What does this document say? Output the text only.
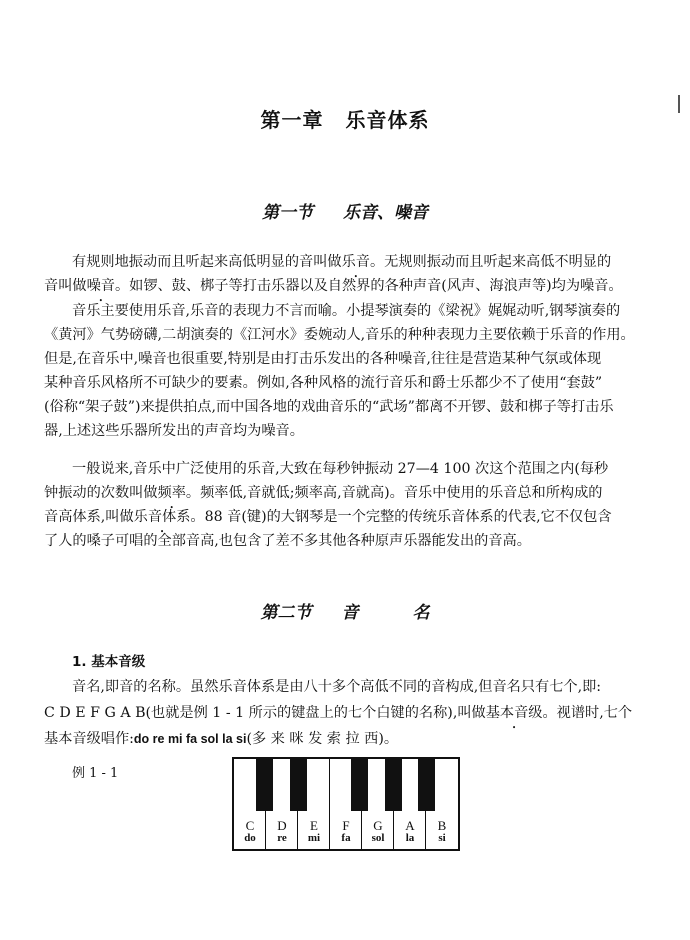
第一章 乐音体系
第一节 乐音、噪音
有规则地振动而且听起来高低明显的音叫做乐音。无规则振动而且听起来高低不明显的
音叫做噪音。如锣、鼓、梆子等打击乐器以及自然界的各种声音(风声、海浪声等)均为噪音。
音乐主要使用乐音,乐音的表现力不言而喻。小提琴演奏的《梁祝》娓娓动听,钢琴演奏的
《黄河》气势磅礴,二胡演奏的《江河水》委婉动人,音乐的种种表现力主要依赖于乐音的作用。
但是,在音乐中,噪音也很重要,特别是由打击乐发出的各种噪音,往往是营造某种气氛或体现
某种音乐风格所不可缺少的要素。例如,各种风格的流行音乐和爵士乐都少不了使用“套鼓”
(俗称“架子鼓”)来提供拍点,而中国各地的戏曲音乐的“武场”都离不开锣、鼓和梆子等打击乐
器,上述这些乐器所发出的声音均为噪音。
一般说来,音乐中广泛使用的乐音,大致在每秒钟振动 27—4 100 次这个范围之内(每秒
钟振动的次数叫做频率。频率低,音就低;频率高,音就高)。音乐中使用的乐音总和所构成的
音高体系,叫做乐音体系。88 音(键)的大钢琴是一个完整的传统乐音体系的代表,它不仅包含
了人的嗓子可唱的全部音高,也包含了差不多其他各种原声乐器能发出的音高。
第二节 音	名
1. 基本音级
音名,即音的名称。虽然乐音体系是由八十多个高低不同的音构成,但音名只有七个,即:
C D E F G A B(也就是例 1 - 1 所示的键盘上的七个白键的名称),叫做基本音级。视谱时,七个
基本音级唱作:do re mi fa sol la si(多 来 咪 发 索 拉 西)。
例 1 - 1
C
do
D
re
E
mi
F
fa
G
sol
A
la
B
si
